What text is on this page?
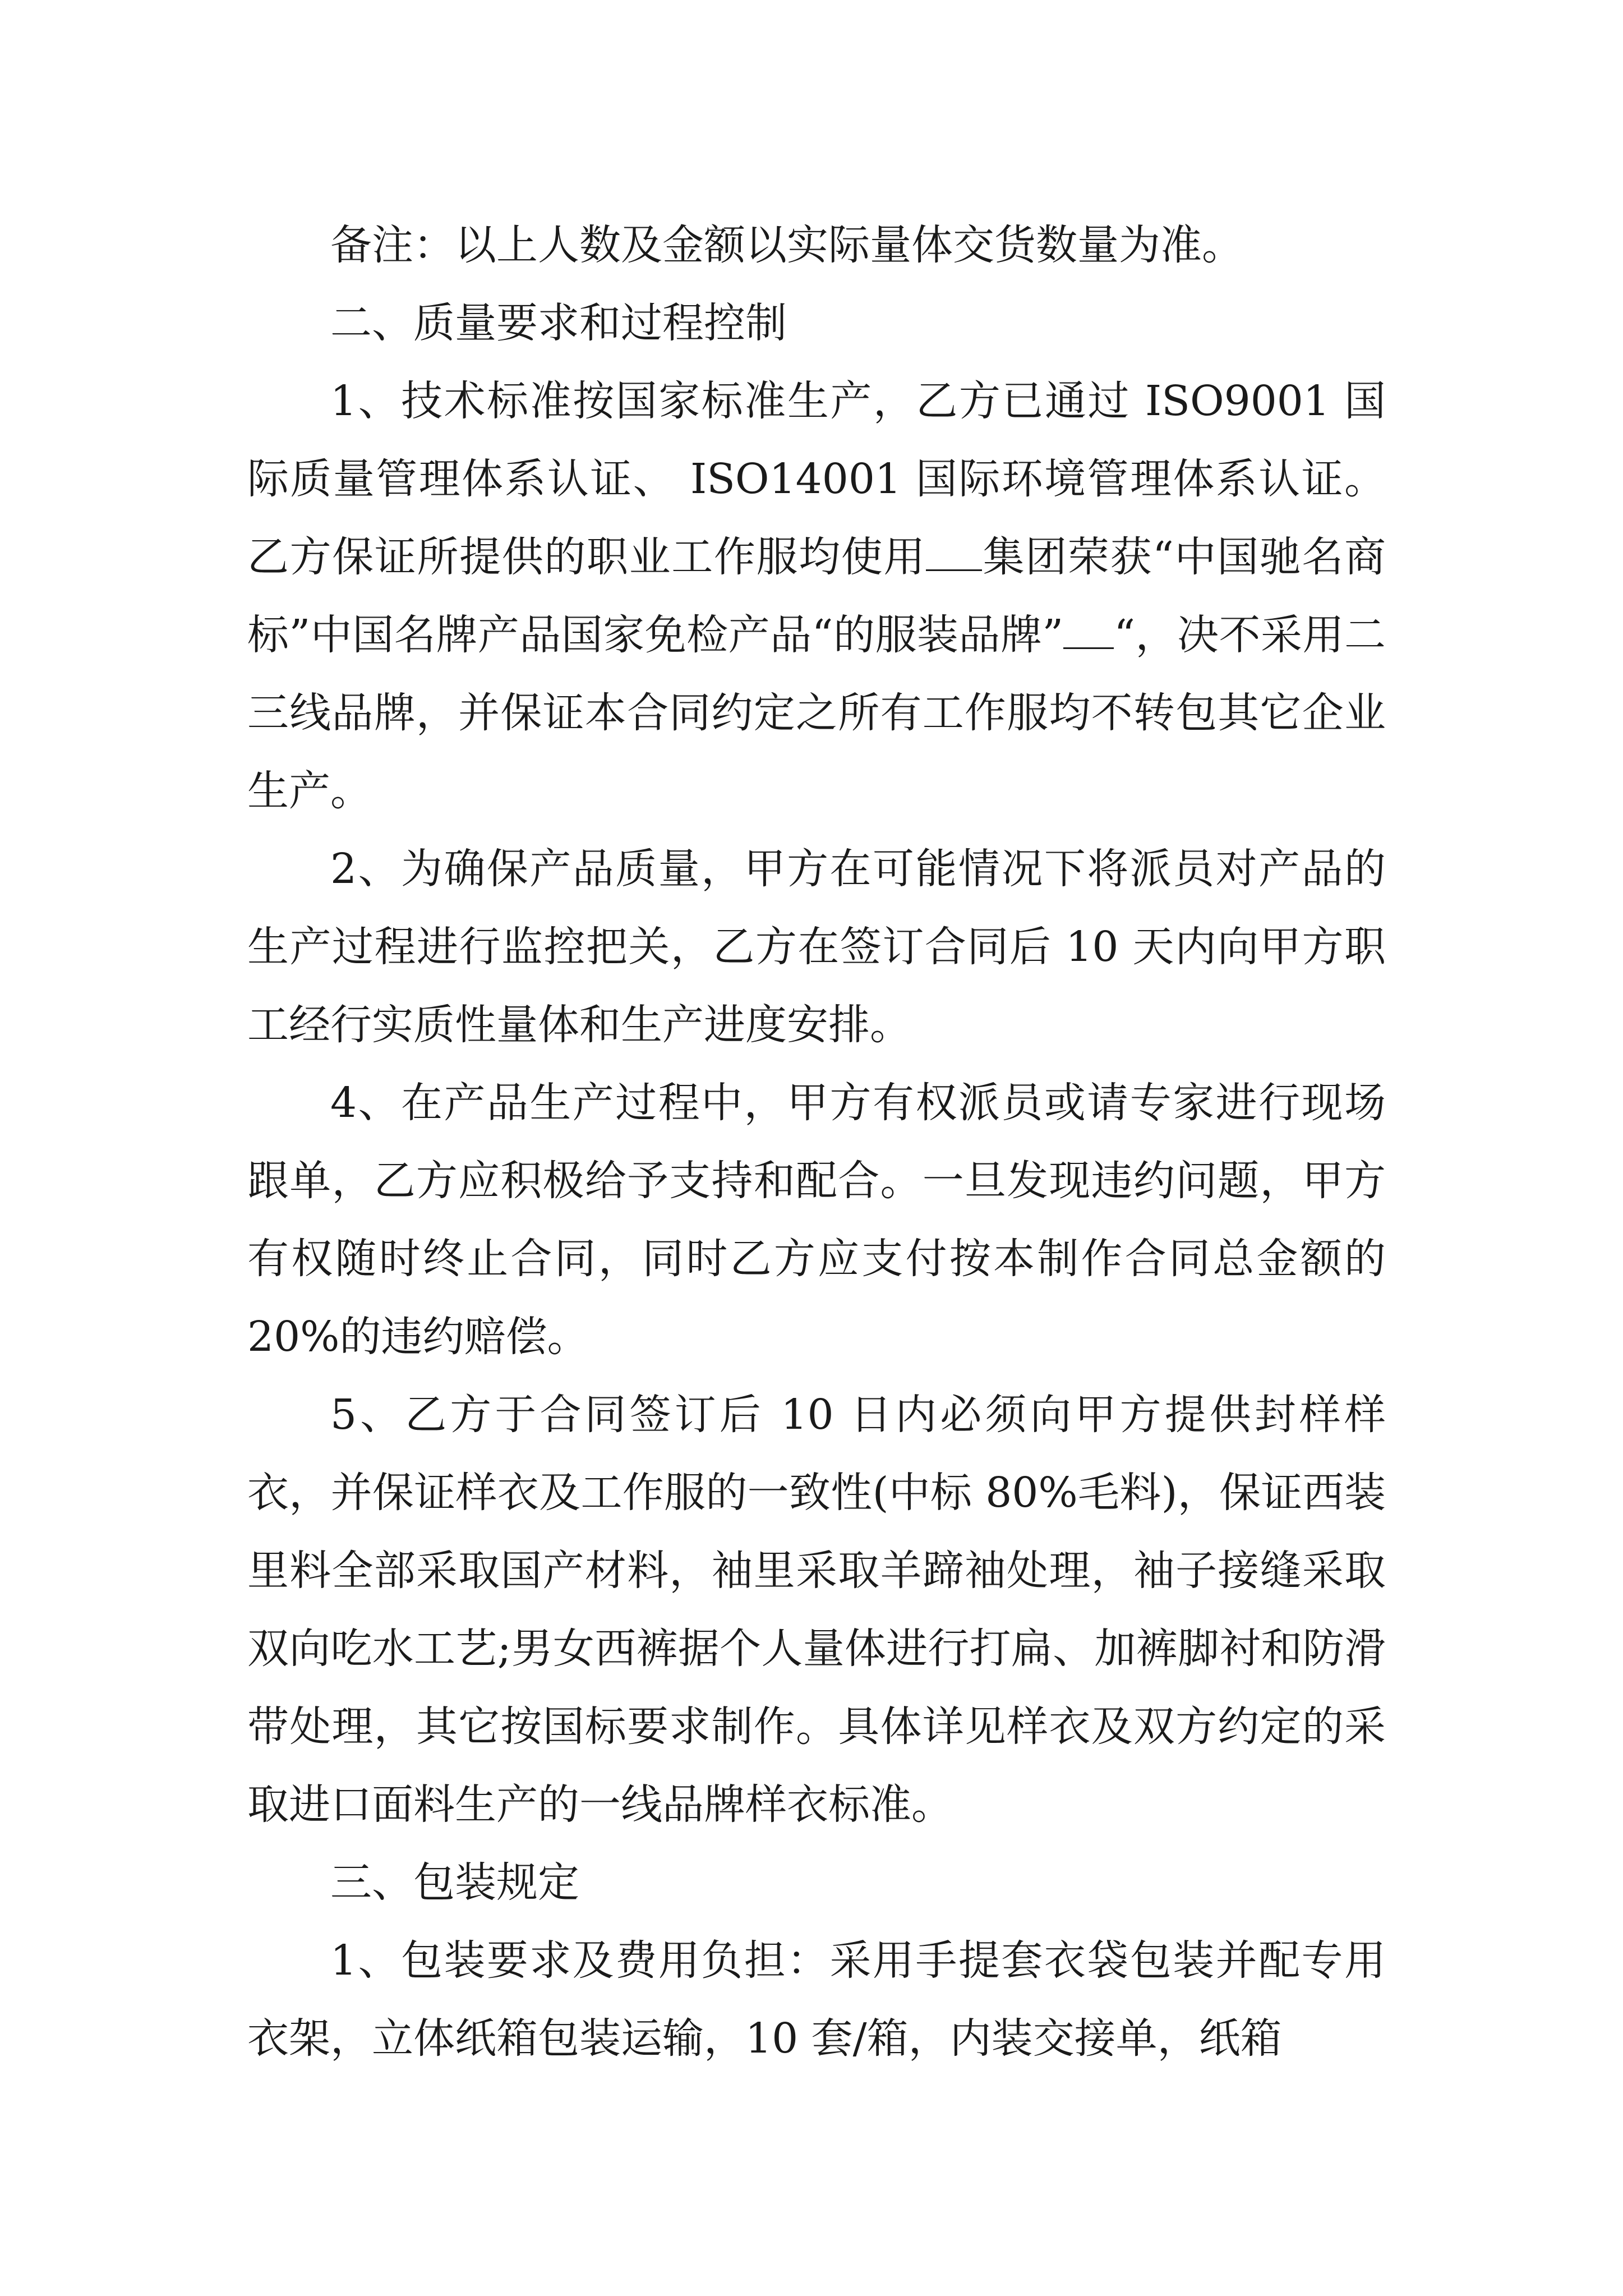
备注：以上人数及金额以实际量体交货数量为准。

二、质量要求和过程控制

1、技术标准按国家标准生产，乙方已通过 ISO9001 国际质量管理体系认证、 ISO14001 国际环境管理体系认证。乙方保证所提供的职业工作服均使用 集团荣获“中国驰名商标”中国名牌产品国家免检产品“的服装品牌” “，决不采用二三线品牌，并保证本合同约定之所有工作服均不转包其它企业生产。

2、为确保产品质量，甲方在可能情况下将派员对产品的生产过程进行监控把关，乙方在签订合同后 10 天内向甲方职工经行实质性量体和生产进度安排。

4、在产品生产过程中，甲方有权派员或请专家进行现场跟单，乙方应积极给予支持和配合。一旦发现违约问题，甲方有权随时终止合同，同时乙方应支付按本制作合同总金额的 20%的违约赔偿。

5、乙方于合同签订后 10 日内必须向甲方提供封样样衣，并保证样衣及工作服的一致性(中标 80%毛料)，保证西装里料全部采取国产材料，袖里采取羊蹄袖处理，袖子接缝采取双向吃水工艺;男女西裤据个人量体进行打扁、加裤脚衬和防滑带处理，其它按国标要求制作。具体详见样衣及双方约定的采取进口面料生产的一线品牌样衣标准。

三、包装规定

1、包装要求及费用负担：采用手提套衣袋包装并配专用衣架，立体纸箱包装运输，10 套/箱，内装交接单，纸箱
